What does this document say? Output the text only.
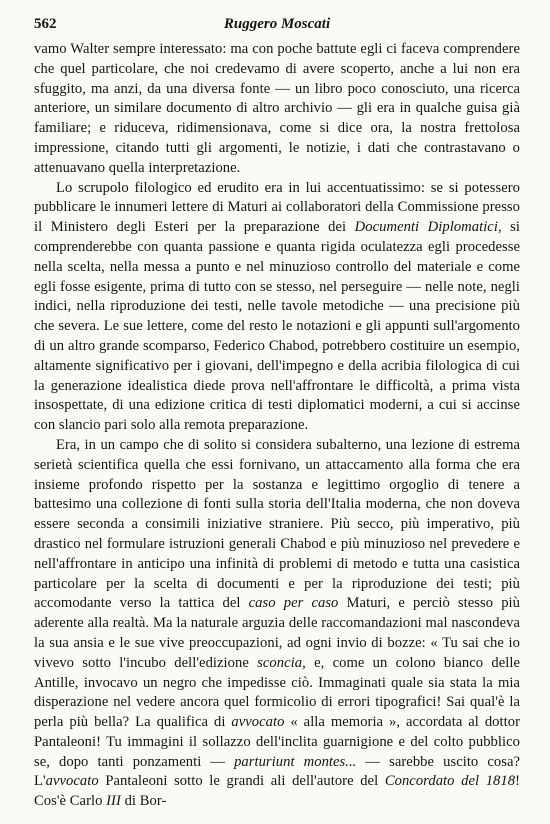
562	Ruggero Moscati

vamo Walter sempre interessato: ma con poche battute egli ci faceva comprendere che quel particolare, che noi credevamo di avere scoperto, anche a lui non era sfuggito, ma anzi, da una diversa fonte — un libro poco conosciuto, una ricerca anteriore, un similare documento di altro archivio — gli era in qualche guisa già familiare; e riduceva, ridimensionava, come si dice ora, la nostra frettolosa impressione, citando tutti gli argomenti, le notizie, i dati che contrastavano o attenuavano quella interpretazione.

Lo scrupolo filologico ed erudito era in lui accentuatissimo: se si potessero pubblicare le innumeri lettere di Maturi ai collaboratori della Commissione presso il Ministero degli Esteri per la preparazione dei Documenti Diplomatici, si comprenderebbe con quanta passione e quanta rigida oculatezza egli procedesse nella scelta, nella messa a punto e nel minuzioso controllo del materiale e come egli fosse esigente, prima di tutto con se stesso, nel perseguire — nelle note, negli indici, nella riproduzione dei testi, nelle tavole metodiche — una precisione più che severa. Le sue lettere, come del resto le notazioni e gli appunti sull'argomento di un altro grande scomparso, Federico Chabod, potrebbero costituire un esempio, altamente significativo per i giovani, dell'impegno e della acribia filologica di cui la generazione idealistica diede prova nell'affrontare le difficoltà, a prima vista insospettate, di una edizione critica di testi diplomatici moderni, a cui si accinse con slancio pari solo alla remota preparazione.

Era, in un campo che di solito si considera subalterno, una lezione di estrema serietà scientifica quella che essi fornivano, un attaccamento alla forma che era insieme profondo rispetto per la sostanza e legittimo orgoglio di tenere a battesimo una collezione di fonti sulla storia dell'Italia moderna, che non doveva essere seconda a consimili iniziative straniere. Più secco, più imperativo, più drastico nel formulare istruzioni generali Chabod e più minuzioso nel prevedere e nell'affrontare in anticipo una infinità di problemi di metodo e tutta una casistica particolare per la scelta di documenti e per la riproduzione dei testi; più accomodante verso la tattica del caso per caso Maturi, e perciò stesso più aderente alla realtà. Ma la naturale arguzia delle raccomandazioni mal nascondeva la sua ansia e le sue vive preoccupazioni, ad ogni invio di bozze: « Tu sai che io vivevo sotto l'incubo dell'edizione sconcia, e, come un colono bianco delle Antille, invocavo un negro che impedisse ciò. Immaginati quale sia stata la mia disperazione nel vedere ancora quel formicolio di errori tipografici! Sai qual'è la perla più bella? La qualifica di avvocato « alla memoria », accordata al dottor Pantaleoni! Tu immagini il sollazzo dell'inclita guarnigione e del colto pubblico se, dopo tanti ponzamenti — parturiunt montes... — sarebbe uscito cosa? L'avvocato Pantaleoni sotto le grandi ali dell'autore del Concordato del 1818! Cos'è Carlo III di Bor-
